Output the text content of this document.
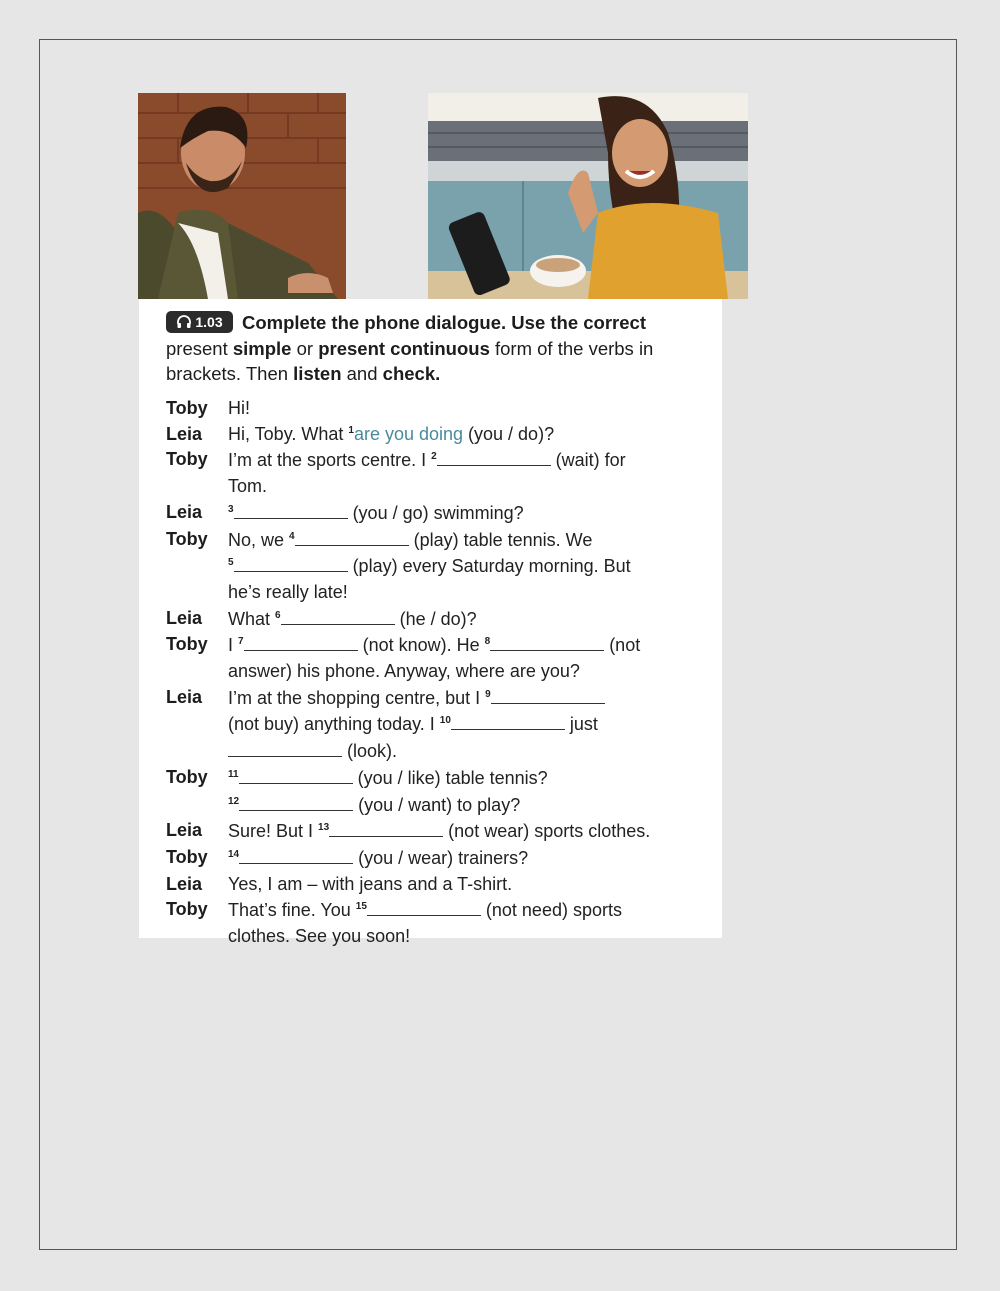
1.03	Complete the phone dialogue. Use the correct present simple or present continuous form of the verbs in brackets. Then listen and check.
Toby	Hi!
Leia	Hi, Toby. What $^1$are you doing (you / do)?
Toby	I’m at the sports centre. I $^2$	(wait) for
Tom.
Leia	$^3$	(you / go) swimming?
Toby	No, we $^4$	(play) table tennis. We
$^5$	(play) every Saturday morning. But
he’s really late!
Leia	What $^6$	(he / do)?
Toby	I $^7$	(not know). He $^8$	(not
answer) his phone. Anyway, where are you?
Leia	I’m at the shopping centre, but I $^9$
(not buy) anything today. I $^{10}$	just
(look).
Toby	$^{11}$	(you / like) table tennis?
$^{12}$	(you / want) to play?
Leia	Sure! But I $^{13}$	(not wear) sports clothes.
Toby	$^{14}$	(you / wear) trainers?
Leia	Yes, I am – with jeans and a T-shirt.
Toby	That’s fine. You $^{15}$	(not need) sports
clothes. See you soon!
